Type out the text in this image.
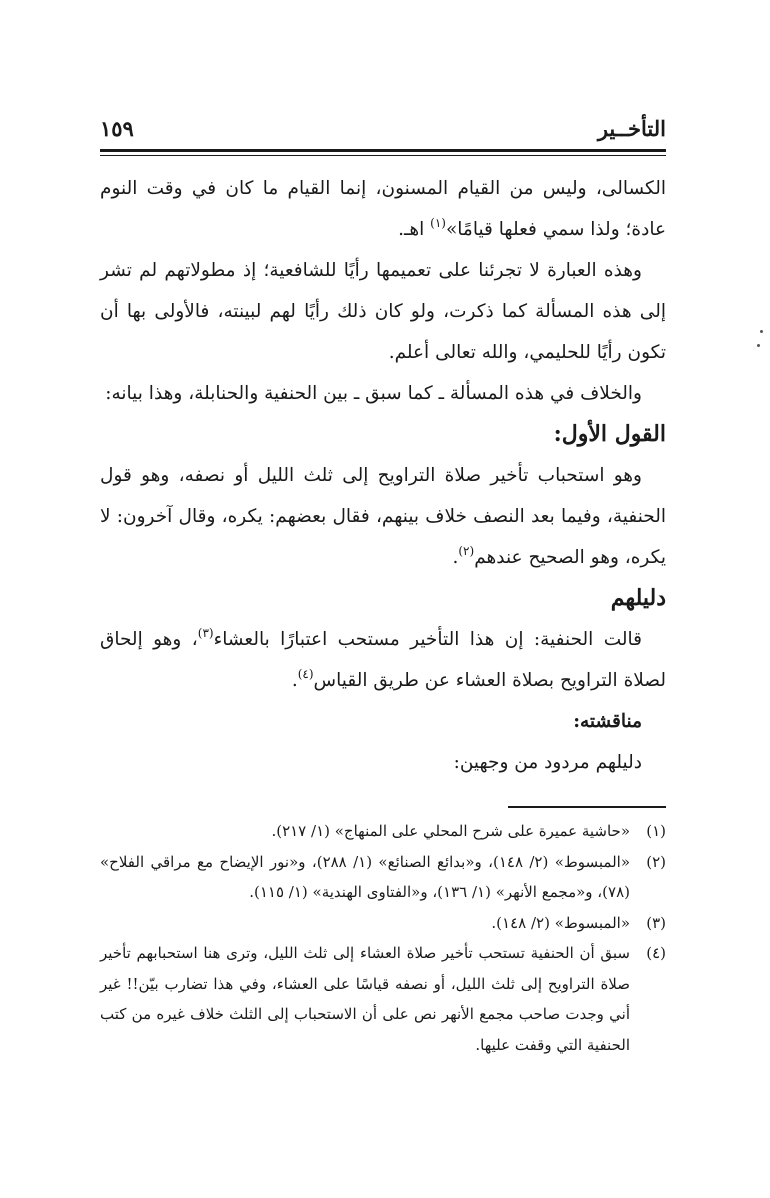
التأخــير
١٥٩

الكسالى، وليس من القيام المسنون، إنما القيام ما كان في وقت النوم عادة؛ ولذا سمي فعلها قيامًا»$^{(١)}$ اهـ.

وهذه العبارة لا تجرئنا على تعميمها رأيًا للشافعية؛ إذ مطولاتهم لم تشر إلى هذه المسألة كما ذكرت، ولو كان ذلك رأيًا لهم لبينته، فالأولى بها أن تكون رأيًا للحليمي، والله تعالى أعلم.

والخلاف في هذه المسألة ـ كما سبق ـ بين الحنفية والحنابلة، وهذا بيانه:

القول الأول:

وهو استحباب تأخير صلاة التراويح إلى ثلث الليل أو نصفه، وهو قول الحنفية، وفيما بعد النصف خلاف بينهم، فقال بعضهم: يكره، وقال آخرون: لا يكره، وهو الصحيح عندهم$^{(٢)}$.

دليلهم

قالت الحنفية: إن هذا التأخير مستحب اعتبارًا بالعشاء$^{(٣)}$، وهو إلحاق لصلاة التراويح بصلاة العشاء عن طريق القياس$^{(٤)}$.

مناقشته:

دليلهم مردود من وجهين:

(١)
«حاشية عميرة على شرح المحلي على المنهاج» (١/ ٢١٧).
(٢)
«المبسوط» (٢/ ١٤٨)، و«بدائع الصنائع» (١/ ٢٨٨)، و«نور الإيضاح مع مراقي الفلاح» (٧٨)، و«مجمع الأنهر» (١/ ١٣٦)، و«الفتاوى الهندية» (١/ ١١٥).
(٣)
«المبسوط» (٢/ ١٤٨).
(٤)
سبق أن الحنفية تستحب تأخير صلاة العشاء إلى ثلث الليل، وترى هنا استحبابهم تأخير صلاة التراويح إلى ثلث الليل، أو نصفه قياسًا على العشاء، وفي هذا تضارب بيّن!! غير أني وجدت صاحب مجمع الأنهر نص على أن الاستحباب إلى الثلث خلاف غيره من كتب الحنفية التي وقفت عليها.
